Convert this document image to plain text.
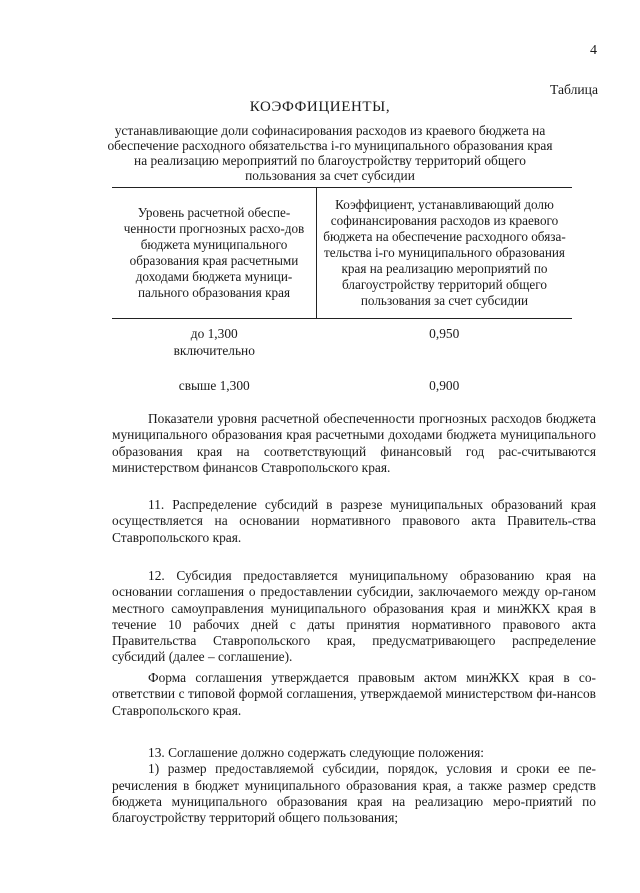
4
Таблица
КОЭФФИЦИЕНТЫ,
устанавливающие доли софинасирования расходов из краевого бюджета на обеспечение расходного обязательства i-го муниципального образования края на реализацию мероприятий по благоустройству территорий общего пользования за счет субсидии
Уровень расчетной обеспе-ченности прогнозных расхо-дов бюджета муниципального образования края расчетными доходами бюджета муници-пального образования края	Коэффициент, устанавливающий долю софинансирования расходов из краевого бюджета на обеспечение расходного обяза-тельства i-го муниципального образования края на реализацию мероприятий по благоустройству территорий общего пользования за счет субсидии
до 1,300 включительно	0,950
свыше 1,300	0,900

Показатели уровня расчетной обеспеченности прогнозных расходов бюджета муниципального образования края расчетными доходами бюджета муниципального образования края на соответствующий финансовый год рас-считываются министерством финансов Ставропольского края.

11. Распределение субсидий в разрезе муниципальных образований края осуществляется на основании нормативного правового акта Правитель-ства Ставропольского края.

12. Субсидия предоставляется муниципальному образованию края на основании соглашения о предоставлении субсидии, заключаемого между ор-ганом местного самоуправления муниципального образования края и минЖКХ края в течение 10 рабочих дней с даты принятия нормативного правового акта Правительства Ставропольского края, предусматривающего распределение субсидий (далее – соглашение).

Форма соглашения утверждается правовым актом минЖКХ края в со-ответствии с типовой формой соглашения, утверждаемой министерством фи-нансов Ставропольского края.

13. Соглашение должно содержать следующие положения:

1) размер предоставляемой субсидии, порядок, условия и сроки ее пе-речисления в бюджет муниципального образования края, а также размер средств бюджета муниципального образования края на реализацию меро-приятий по благоустройству территорий общего пользования;
